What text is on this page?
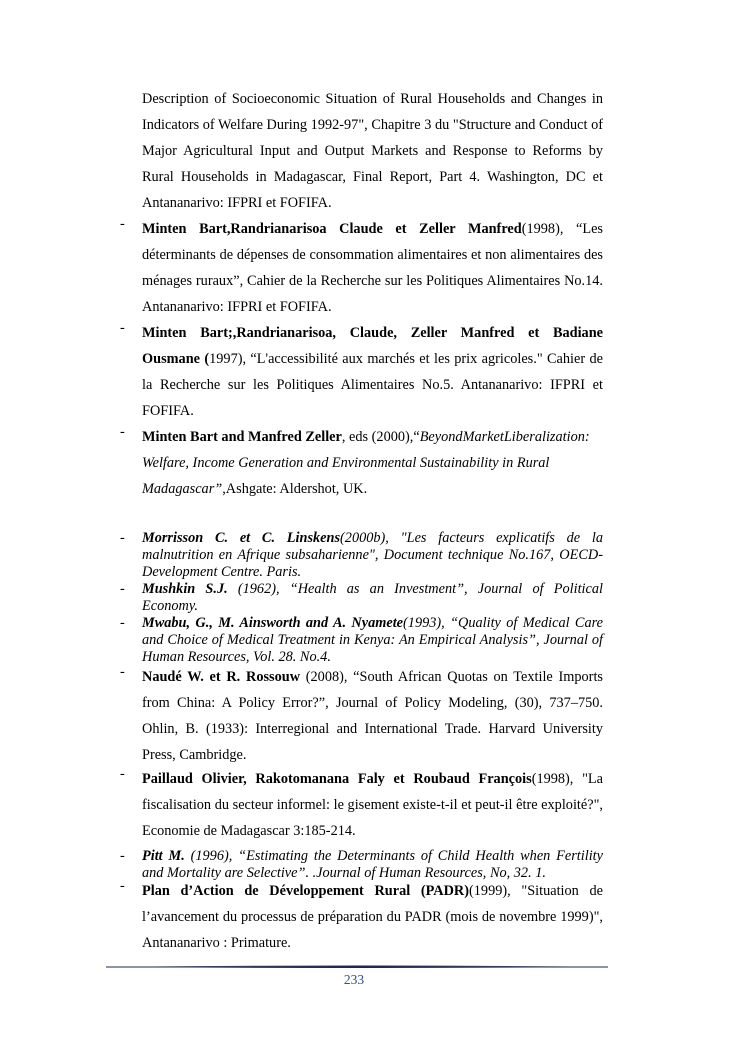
Description of Socioeconomic Situation of Rural Households and Changes in Indicators of Welfare During 1992-97", Chapitre 3 du "Structure and Conduct of Major Agricultural Input and Output Markets and Response to Reforms by Rural Households in Madagascar, Final Report, Part 4. Washington, DC et Antananarivo: IFPRI et FOFIFA.
-	Minten Bart,Randrianarisoa Claude et Zeller Manfred(1998), “Les déterminants de dépenses de consommation alimentaires et non alimentaires des ménages ruraux”, Cahier de la Recherche sur les Politiques Alimentaires No.14. Antananarivo: IFPRI et FOFIFA.
-	Minten Bart;,Randrianarisoa, Claude, Zeller Manfred et Badiane Ousmane (1997), “L'accessibilité aux marchés et les prix agricoles." Cahier de la Recherche sur les Politiques Alimentaires No.5. Antananarivo: IFPRI et FOFIFA.
-	Minten Bart and Manfred Zeller, eds (2000),“BeyondMarketLiberalization: Welfare, Income Generation and Environmental Sustainability in Rural Madagascar”,Ashgate: Aldershot, UK.
-	Morrisson C. et C. Linskens(2000b), "Les facteurs explicatifs de la malnutrition en Afrique subsaharienne", Document technique No.167, OECD-Development Centre. Paris.
-	Mushkin S.J. (1962), “Health as an Investment”, Journal of Political Economy.
-	Mwabu, G., M. Ainsworth and A. Nyamete(1993), “Quality of Medical Care and Choice of Medical Treatment in Kenya: An Empirical Analysis”, Journal of Human Resources, Vol. 28. No.4.
-	Naudé W. et R. Rossouw (2008), “South African Quotas on Textile Imports from China: A Policy Error?”, Journal of Policy Modeling, (30), 737–750. Ohlin, B. (1933): Interregional and International Trade. Harvard University Press, Cambridge.
-	Paillaud Olivier, Rakotomanana Faly et Roubaud François(1998), "La fiscalisation du secteur informel: le gisement existe-t-il et peut-il être exploité?", Economie de Madagascar 3:185-214.
-	Pitt M. (1996), “Estimating the Determinants of Child Health when Fertility and Mortality are Selective”. .Journal of Human Resources, No, 32. 1.
-	Plan d’Action de Développement Rural (PADR)(1999), "Situation de l’avancement du processus de préparation du PADR (mois de novembre 1999)", Antananarivo : Primature.
233
